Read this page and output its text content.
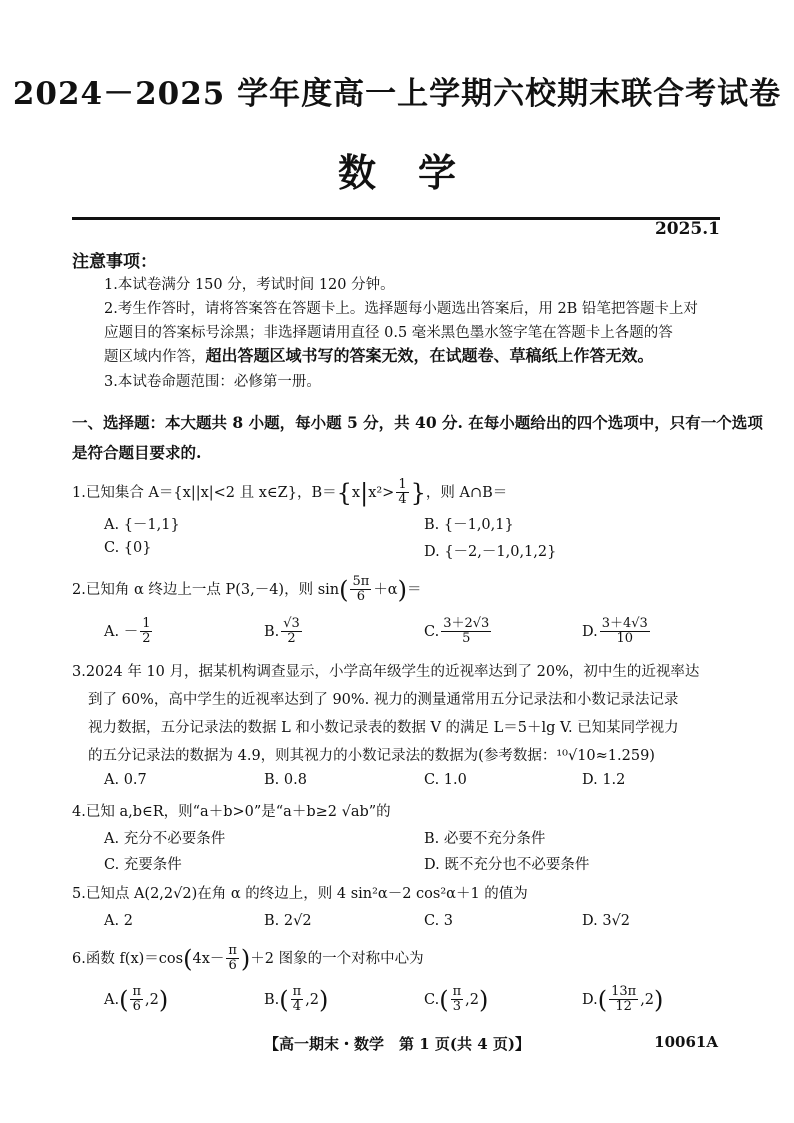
2024－2025 学年度高一上学期六校期末联合考试卷
数学
2025.1
注意事项：
1.本试卷满分 150 分，考试时间 120 分钟。
2.考生作答时，请将答案答在答题卡上。选择题每小题选出答案后，用 2B 铅笔把答题卡上对
应题目的答案标号涂黑；非选择题请用直径 0.5 毫米黑色墨水签字笔在答题卡上各题的答
题区域内作答，超出答题区域书写的答案无效，在试题卷、草稿纸上作答无效。
3.本试卷命题范围：必修第一册。
一、选择题：本大题共 8 小题，每小题 5 分，共 40 分. 在每小题给出的四个选项中，只有一个选项
是符合题目要求的.
1.已知集合 A＝{x||x|<2 且 x∈Z}，$B=\{x|x^2> \frac{1}{4}$ }，则 A∩B＝
A. {－1,1}	B. {－1,0,1}
C. {0}	D. {－2,－1,0,1,2}
2.已知角 α 终边上一点 P(3,－4)，则 $\sin( \frac{5\pi}{6} +\alpha)=$
A. － $\frac{1}{2}$	B. $\frac{√3}{2}$	C. $\frac{3+2√3}{5}$	D. $\frac{3+4√3}{10}$
3.2024 年 10 月，据某机构调查显示，小学高年级学生的近视率达到了 20%，初中生的近视率达
到了 60%，高中学生的近视率达到了 90%. 视力的测量通常用五分记录法和小数记录法记录
视力数据，五分记录法的数据 L 和小数记录表的数据 V 的满足 L＝5＋lg V. 已知某同学视力
的五分记录法的数据为 4.9，则其视力的小数记录法的数据为(参考数据：¹⁰√10≈1.259)
A. 0.7	B. 0.8	C. 1.0	D. 1.2
4.已知 a,b∈R，则“a＋b>0”是“a＋b≥2 √ab”的
A. 充分不必要条件	B. 必要不充分条件
C. 充要条件	D. 既不充分也不必要条件
5.已知点 A(2,2√2)在角 α 的终边上，则 4 sin²α－2 cos²α＋1 的值为
A. 2	B. 2√2	C. 3	D. 3√2
6.函数 $f(x)=\cos(4x- \frac{\pi}{6} )+2$ 图象的一个对称中心为
$A.( \frac{\pi}{6} ,2)$	$B.( \frac{\pi}{4} ,2)$	$C.( \frac{\pi}{3} ,2)$	$D.( \frac{13\pi}{12} ,2)$
【高一期末・数学　第 1 页(共 4 页)】	10061A
